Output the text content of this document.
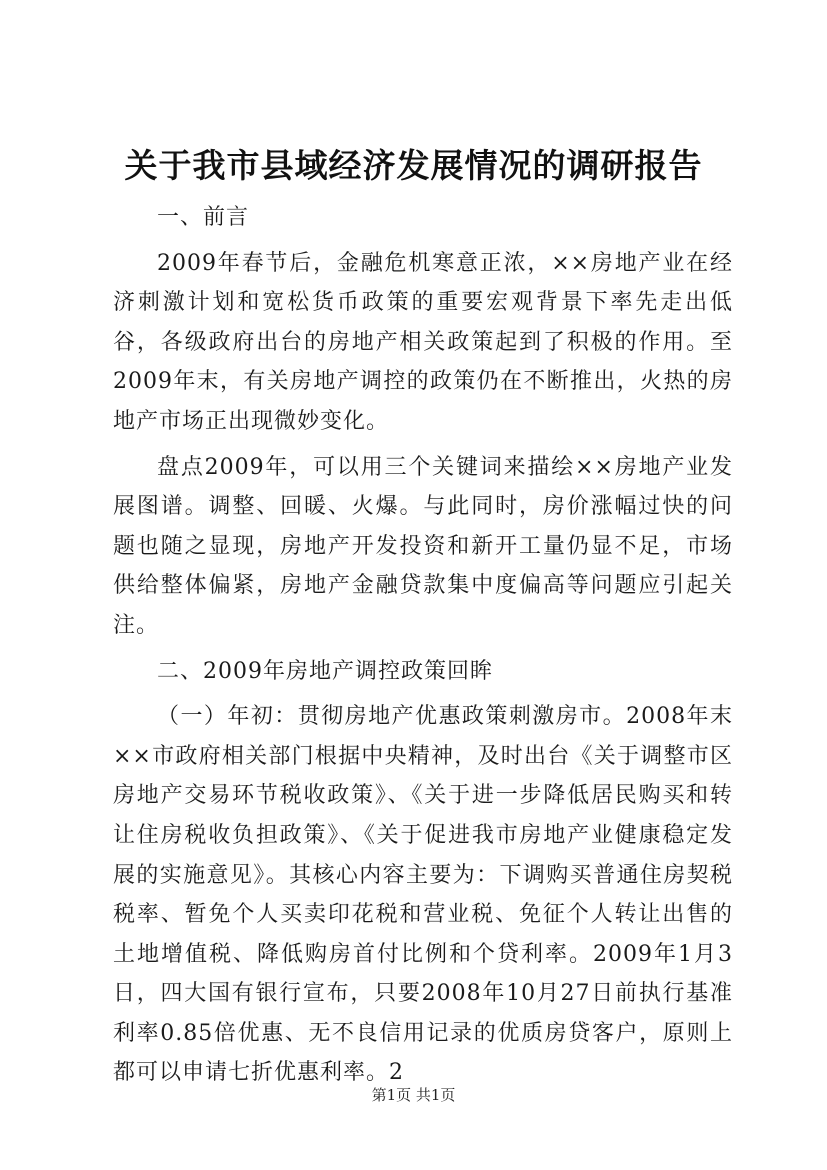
关于我市县域经济发展情况的调研报告

一、前言

2009年春节后，金融危机寒意正浓，××房地产业在经济刺激计划和宽松货币政策的重要宏观背景下率先走出低谷，各级政府出台的房地产相关政策起到了积极的作用。至2009年末，有关房地产调控的政策仍在不断推出，火热的房地产市场正出现微妙变化。

盘点2009年，可以用三个关键词来描绘××房地产业发展图谱。调整、回暖、火爆。与此同时，房价涨幅过快的问题也随之显现，房地产开发投资和新开工量仍显不足，市场供给整体偏紧，房地产金融贷款集中度偏高等问题应引起关注。

二、2009年房地产调控政策回眸

（一）年初：贯彻房地产优惠政策刺激房市。2008年末××市政府相关部门根据中央精神，及时出台《关于调整市区房地产交易环节税收政策》、《关于进一步降低居民购买和转让住房税收负担政策》、《关于促进我市房地产业健康稳定发展的实施意见》。其核心内容主要为：下调购买普通住房契税税率、暂免个人买卖印花税和营业税、免征个人转让出售的土地增值税、降低购房首付比例和个贷利率。2009年1月3日，四大国有银行宣布，只要2008年10月27日前执行基准利率0.85倍优惠、无不良信用记录的优质房贷客户，原则上都可以申请七折优惠利率。2

第1页 共1页
